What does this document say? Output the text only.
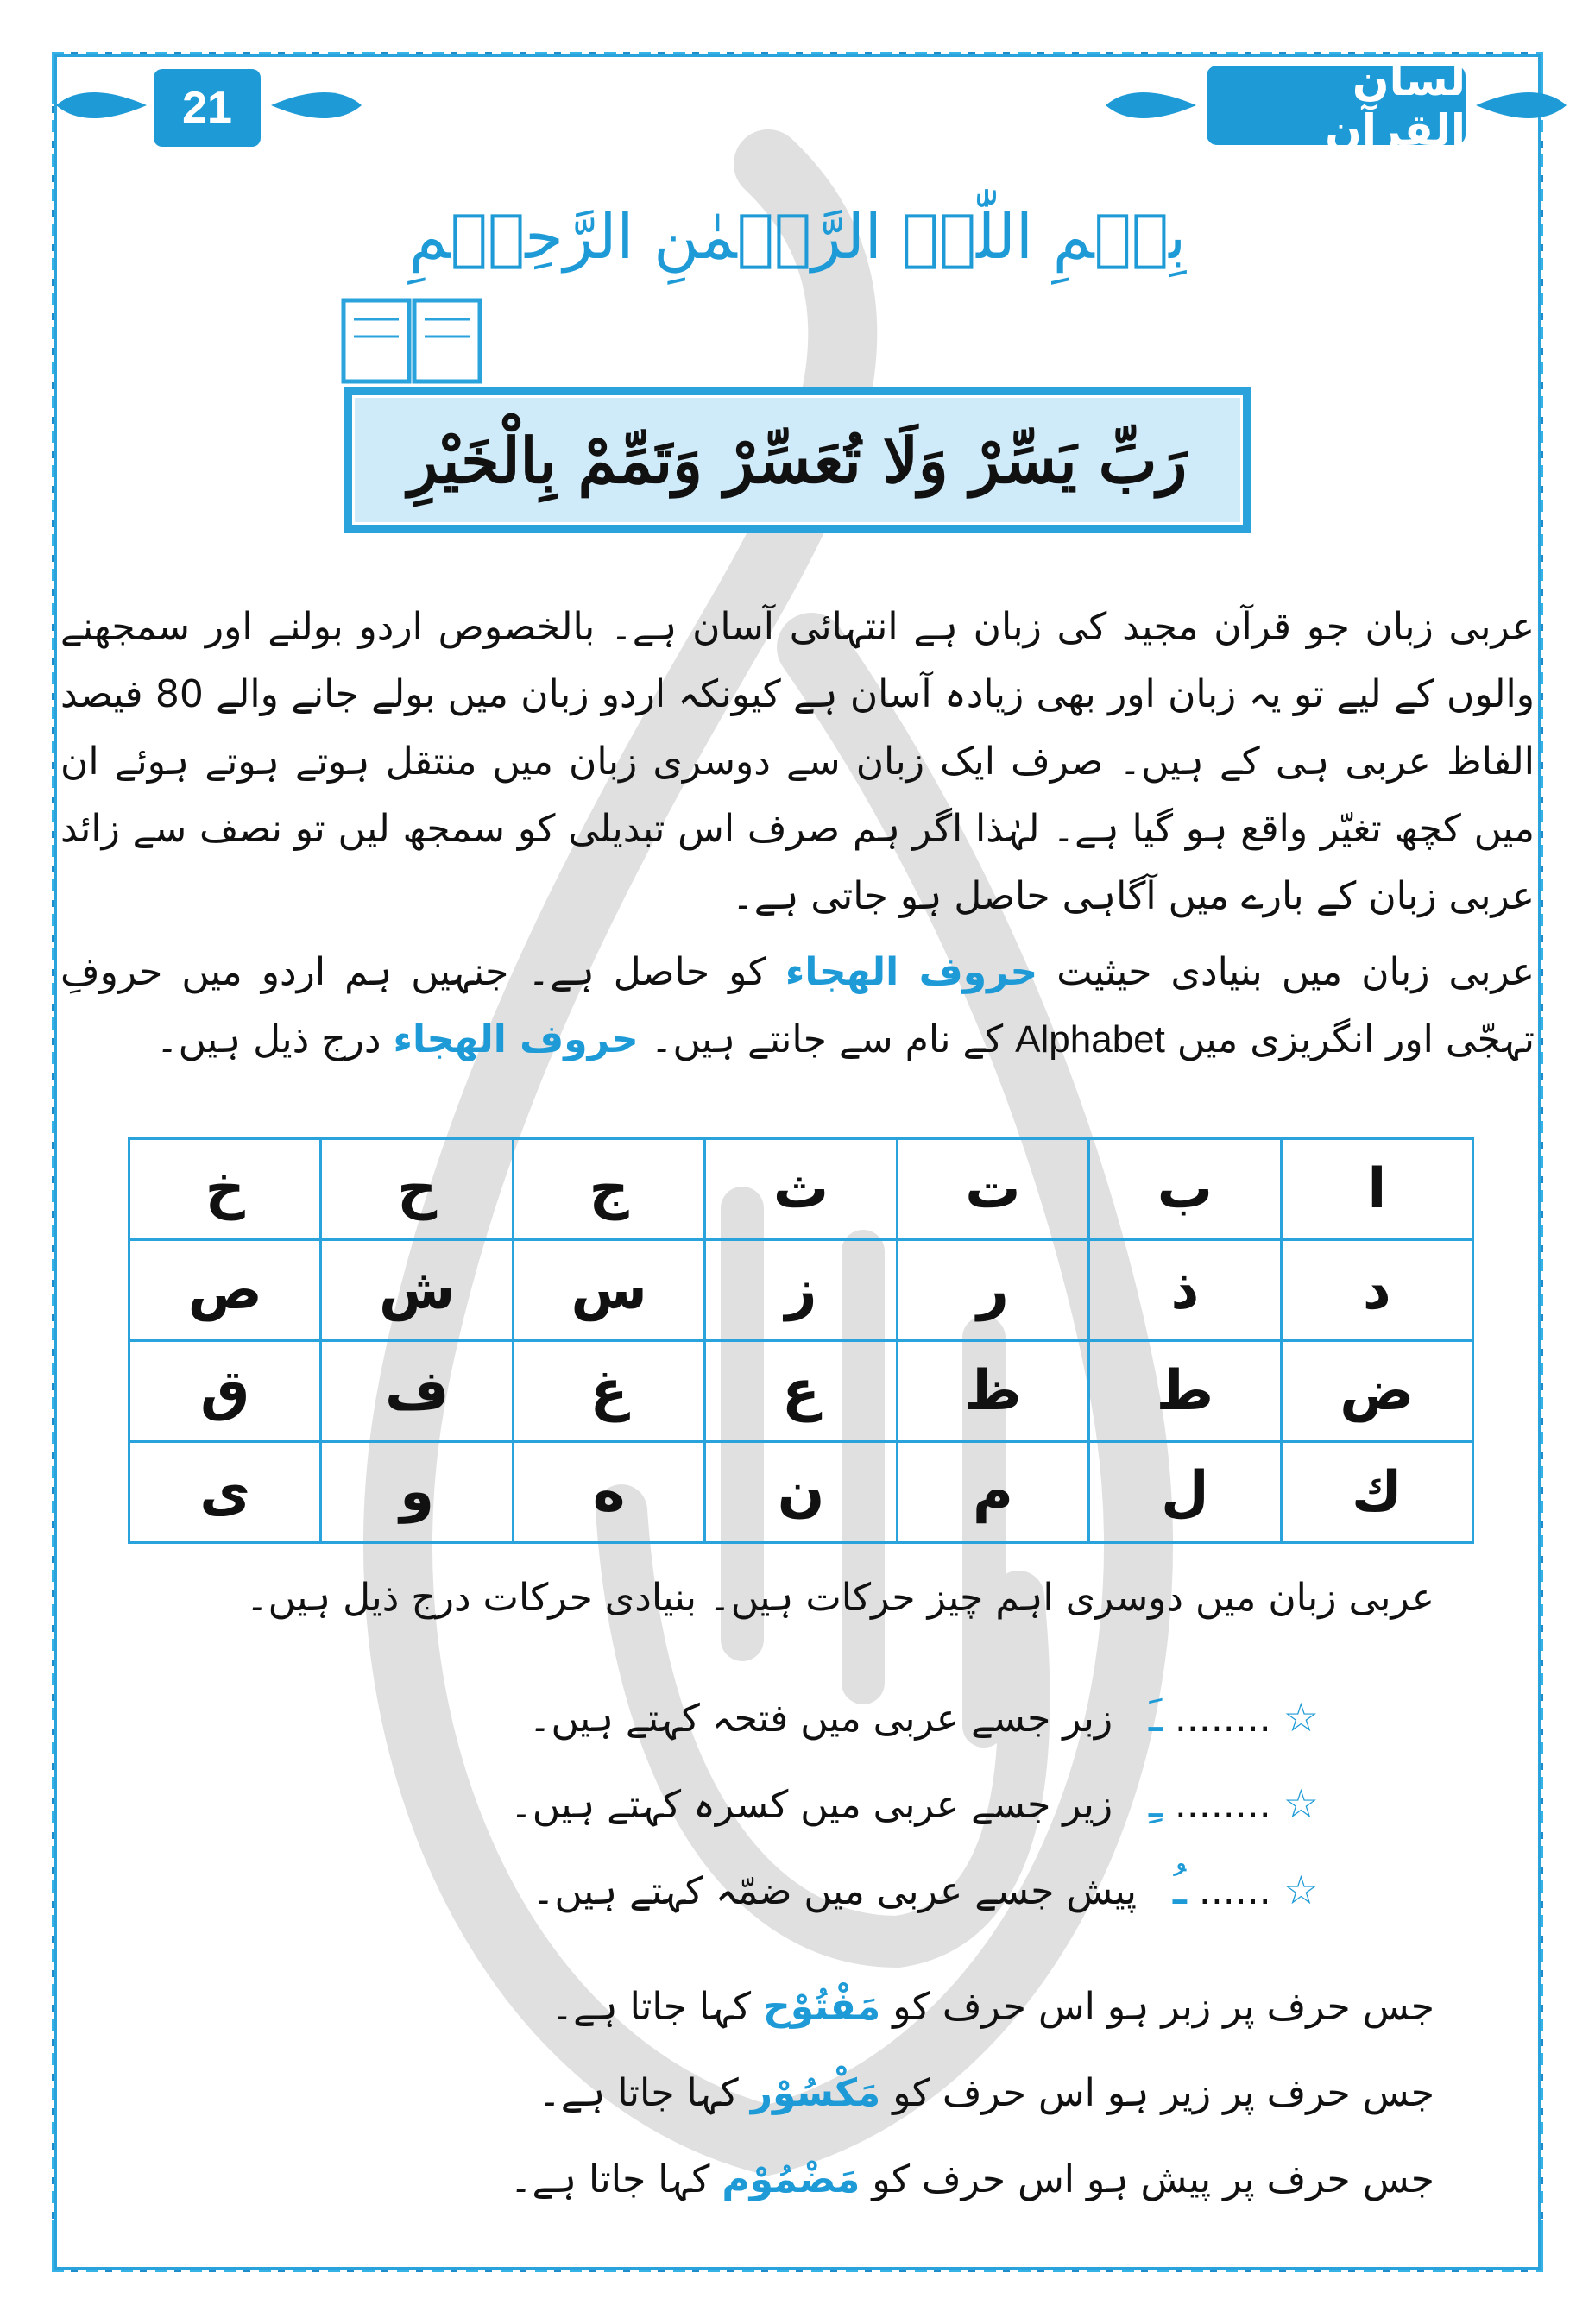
21
لسان القرآن
بِسۡمِ اللّٰہِ الرَّحۡمٰنِ الرَّحِیۡمِ
رَبِّ يَسِّرْ وَلَا تُعَسِّرْ وَتَمِّمْ بِالْخَيْرِ
عربی زبان جو قرآن مجید کی زبان ہے انتہائی آسان ہے۔ بالخصوص اردو بولنے اور سمجھنے والوں کے لیے تو یہ زبان اور بھی زیادہ آسان ہے کیونکہ اردو زبان میں بولے جانے والے 80 فیصد الفاظ عربی ہی کے ہیں۔ صرف ایک زبان سے دوسری زبان میں منتقل ہوتے ہوتے ہوئے ان میں کچھ تغیّر واقع ہو گیا ہے۔ لہٰذا اگر ہم صرف اس تبدیلی کو سمجھ لیں تو نصف سے زائد عربی زبان کے بارے میں آگاہی حاصل ہو جاتی ہے۔
عربی زبان میں بنیادی حیثیت حروف الهجاء کو حاصل ہے۔ جنہیں ہم اردو میں حروفِ تہجّی اور انگریزی میں Alphabet کے نام سے جانتے ہیں۔ حروف الهجاء درج ذیل ہیں۔
ا	ب	ت	ث	ج	ح	خ
د	ذ	ر	ز	س	ش	ص
ض	ط	ظ	ع	غ	ف	ق
ك	ل	م	ن	ه	و	ی
عربی زبان میں دوسری اہم چیز حرکات ہیں۔ بنیادی حرکات درج ذیل ہیں۔
☆ ........ ـَ   زبر جسے عربی میں فتحہ کہتے ہیں۔
☆ ........ ـِ   زیر جسے عربی میں کسرہ کہتے ہیں۔
☆ ...... ـُ   پیش جسے عربی میں ضمّہ کہتے ہیں۔
جس حرف پر زبر ہو اس حرف کو مَفْتُوْح کہا جاتا ہے۔
جس حرف پر زیر ہو اس حرف کو مَكْسُوْر کہا جاتا ہے۔
جس حرف پر پیش ہو اس حرف کو مَضْمُوْم کہا جاتا ہے۔
